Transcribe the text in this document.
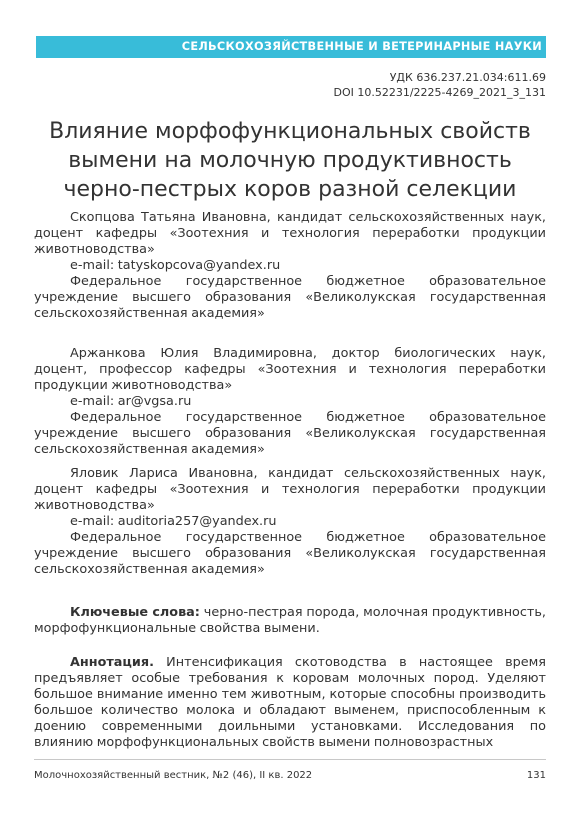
СЕЛЬСКОХОЗЯЙСТВЕННЫЕ И ВЕТЕРИНАРНЫЕ НАУКИ
УДК 636.237.21.034:611.69
DOI 10.52231/2225-4269_2021_3_131
Влияние морфофункциональных свойств
вымени на молочную продуктивность
черно-пестрых коров разной селекции

Скопцова Татьяна Ивановна, кандидат сельскохозяйственных наук, доцент кафедры «Зоотехния и технология переработки продукции животноводства»

e-mail: tatyskopcova@yandex.ru

Федеральное государственное бюджетное образовательное учреждение высшего образования «Великолукская государственная сельскохозяйственная академия»

Аржанкова Юлия Владимировна, доктор биологических наук, доцент, профессор кафедры «Зоотехния и технология переработки продукции животноводства»

e-mail: ar@vgsa.ru

Федеральное государственное бюджетное образовательное учреждение высшего образования «Великолукская государственная сельскохозяйственная академия»

Яловик Лариса Ивановна, кандидат сельскохозяйственных наук, доцент кафедры «Зоотехния и технология переработки продукции животноводства»

e-mail: auditoria257@yandex.ru

Федеральное государственное бюджетное образовательное учреждение высшего образования «Великолукская государственная сельскохозяйственная академия»

Ключевые слова: черно-пестрая порода, молочная продуктивность, морфофункциональные свойства вымени.

Аннотация. Интенсификация скотоводства в настоящее время предъявляет особые требования к коровам молочных пород. Уделяют большое внимание именно тем животным, которые способны производить большое количество молока и обладают выменем, приспособленным к доению современными доильными установками. Исследования по влиянию морфофункциональных свойств вымени полновозрастных

Молочнохозяйственный вестник, №2 (46), II кв. 2022	131
